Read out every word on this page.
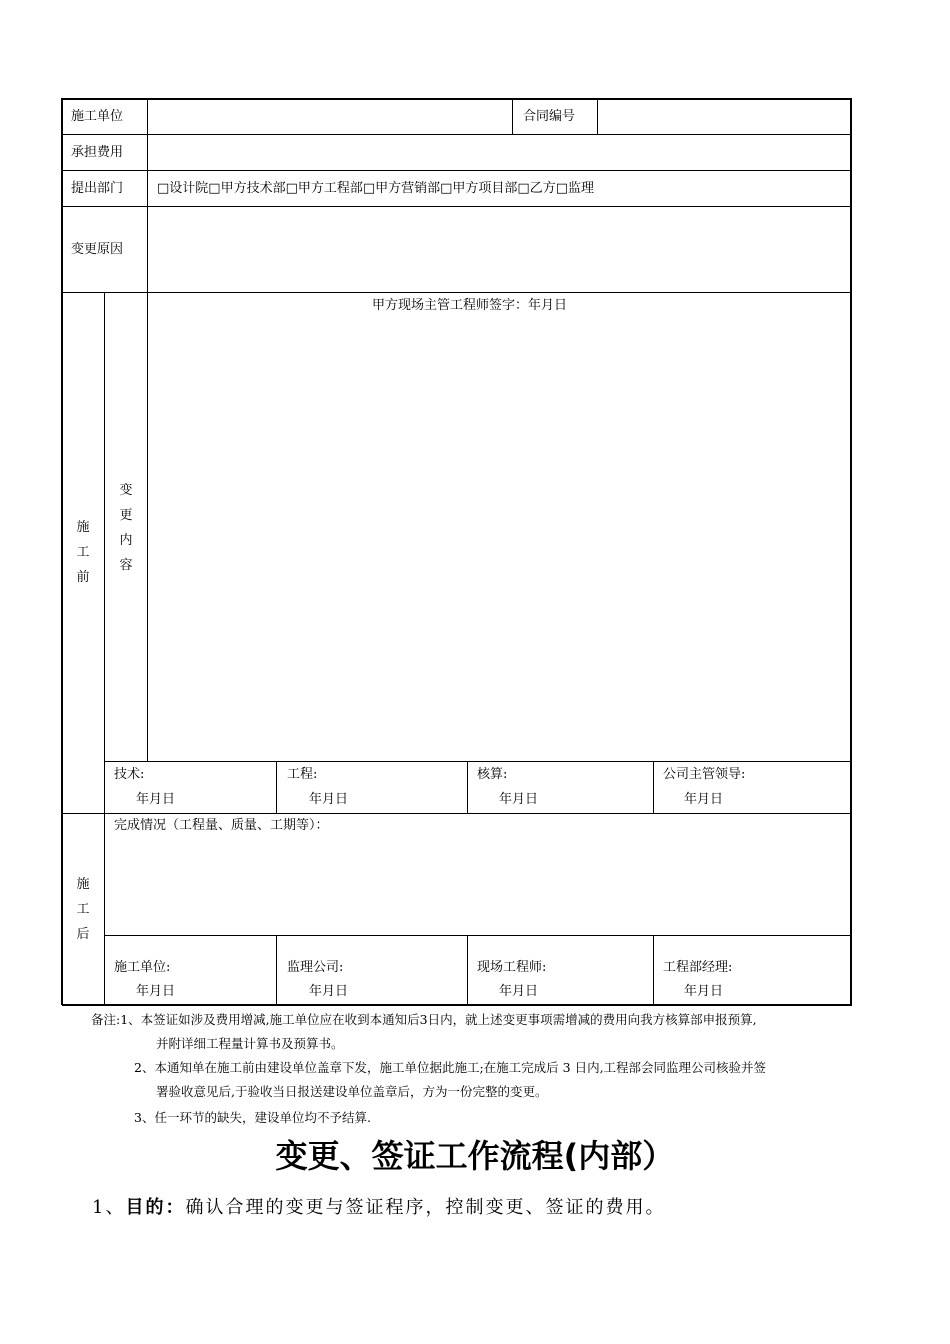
施工单位	合同编号
承担费用
提出部门	□设计院□甲方技术部□甲方工程部□甲方营销部□甲方项目部□乙方□监理
变更原因
施
工
前
变
更
内
容
甲方现场主管工程师签字：年月日
技术:
年月日
工程:
年月日
核算:
年月日
公司主管领导:
年月日
施
工
后
完成情况（工程量、质量、工期等）：
施工单位:
年月日
监理公司:
年月日
现场工程师:
年月日
工程部经理:
年月日
备注:1、本签证如涉及费用增减,施工单位应在收到本通知后3日内，就上述变更事项需增减的费用向我方核算部申报预算,
并附详细工程量计算书及预算书。
2、本通知单在施工前由建设单位盖章下发，施工单位据此施工;在施工完成后 3 日内,工程部会同监理公司核验并签
署验收意见后,于验收当日报送建设单位盖章后，方为一份完整的变更。
3、任一环节的缺失，建设单位均不予结算.
变更、签证工作流程(内部）
1、目的：确认合理的变更与签证程序，控制变更、签证的费用。
